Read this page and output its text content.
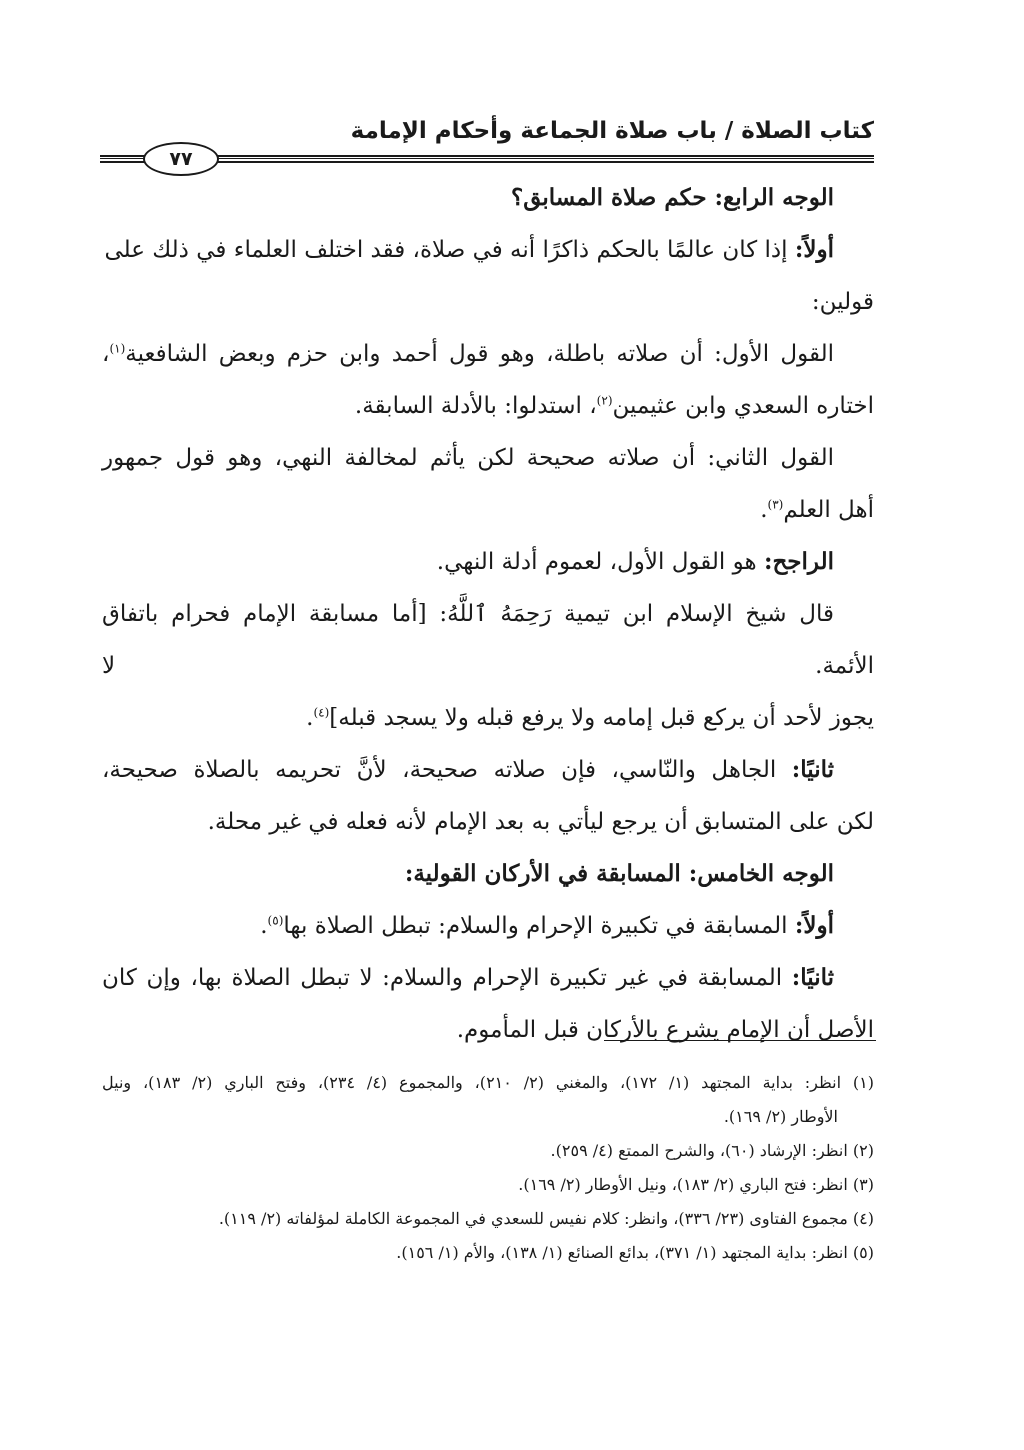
كتاب الصلاة / باب صلاة الجماعة وأحكام الإمامة
٧٧

الوجه الرابع: حكم صلاة المسابق؟

أولاً: إذا كان عالمًا بالحكم ذاكرًا أنه في صلاة، فقد اختلف العلماء في ذلك على قولين:

القول الأول: أن صلاته باطلة، وهو قول أحمد وابن حزم وبعض الشافعية$^{(١)}$،

اختاره السعدي وابن عثيمين$^{(٢)}$، استدلوا: بالأدلة السابقة.

القول الثاني: أن صلاته صحيحة لكن يأثم لمخالفة النهي، وهو قول جمهور

أهل العلم$^{(٣)}$.

الراجح: هو القول الأول، لعموم أدلة النهي.

قال شيخ الإسلام ابن تيمية رَحِمَهُ ٱللَّهُ: [أما مسابقة الإمام فحرام باتفاق الأئمة. لا

يجوز لأحد أن يركع قبل إمامه ولا يرفع قبله ولا يسجد قبله]$^{(٤)}$.

ثانيًا: الجاهل والنّاسي، فإن صلاته صحيحة، لأنَّ تحريمه بالصلاة صحيحة،

لكن على المتسابق أن يرجع ليأتي به بعد الإمام لأنه فعله في غير محلة.

الوجه الخامس: المسابقة في الأركان القولية:

أولاً: المسابقة في تكبيرة الإحرام والسلام: تبطل الصلاة بها$^{(٥)}$.

ثانيًا: المسابقة في غير تكبيرة الإحرام والسلام: لا تبطل الصلاة بها، وإن كان

الأصل أن الإمام يشرع بالأركان قبل المأموم.

(١) انظر: بداية المجتهد (١/ ١٧٢)، والمغني (٢/ ٢١٠)، والمجموع (٤/ ٢٣٤)، وفتح الباري (٢/ ١٨٣)، ونيل

الأوطار (٢/ ١٦٩).

(٢) انظر: الإرشاد (٦٠)، والشرح الممتع (٤/ ٢٥٩).

(٣) انظر: فتح الباري (٢/ ١٨٣)، ونيل الأوطار (٢/ ١٦٩).

(٤) مجموع الفتاوى (٢٣/ ٣٣٦)، وانظر: كلام نفيس للسعدي في المجموعة الكاملة لمؤلفاته (٢/ ١١٩).

(٥) انظر: بداية المجتهد (١/ ٣٧١)، بدائع الصنائع (١/ ١٣٨)، والأم (١/ ١٥٦).
